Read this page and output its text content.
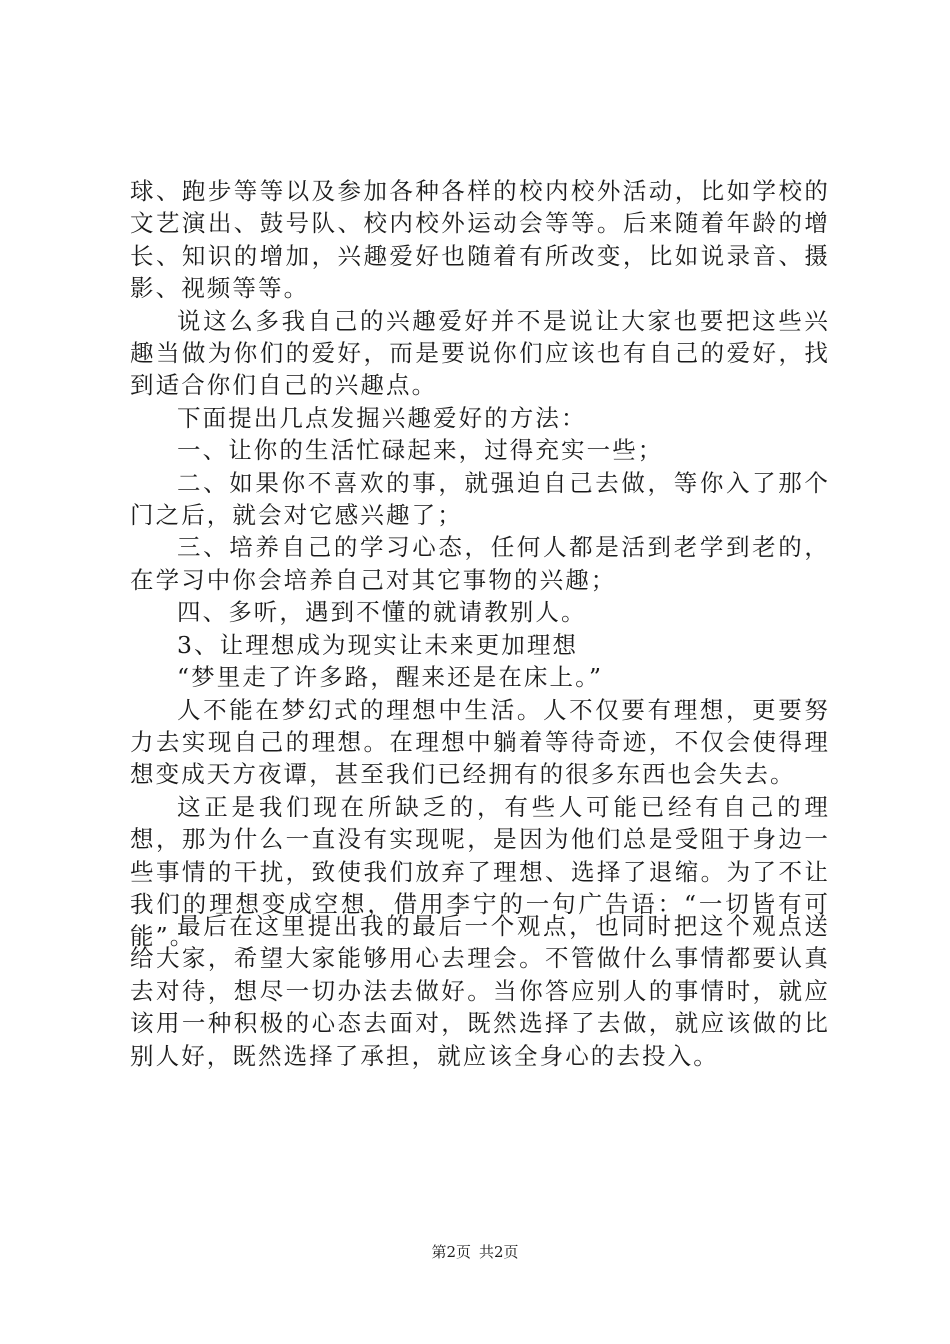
球、跑步等等以及参加各种各样的校内校外活动，比如学校的文艺演出、鼓号队、校内校外运动会等等。后来随着年龄的增长、知识的增加，兴趣爱好也随着有所改变，比如说录音、摄影、视频等等。

说这么多我自己的兴趣爱好并不是说让大家也要把这些兴趣当做为你们的爱好，而是要说你们应该也有自己的爱好，找到适合你们自己的兴趣点。

下面提出几点发掘兴趣爱好的方法：

一、让你的生活忙碌起来，过得充实一些；

二、如果你不喜欢的事，就强迫自己去做，等你入了那个门之后，就会对它感兴趣了；

三、培养自己的学习心态，任何人都是活到老学到老的，在学习中你会培养自己对其它事物的兴趣；

四、多听，遇到不懂的就请教别人。

3、让理想成为现实让未来更加理想

“梦里走了许多路，醒来还是在床上。”

人不能在梦幻式的理想中生活。人不仅要有理想，更要努力去实现自己的理想。在理想中躺着等待奇迹，不仅会使得理想变成天方夜谭，甚至我们已经拥有的很多东西也会失去。

这正是我们现在所缺乏的，有些人可能已经有自己的理想，那为什么一直没有实现呢，是因为他们总是受阻于身边一些事情的干扰，致使我们放弃了理想、选择了退缩。为了不让我们的理想变成空想，借用李宁的一句广告语：“一切皆有可能”。

最后在这里提出我的最后一个观点，也同时把这个观点送给大家，希望大家能够用心去理会。不管做什么事情都要认真去对待，想尽一切办法去做好。当你答应别人的事情时，就应该用一种积极的心态去面对，既然选择了去做，就应该做的比别人好，既然选择了承担，就应该全身心的去投入。

第2页 共2页
